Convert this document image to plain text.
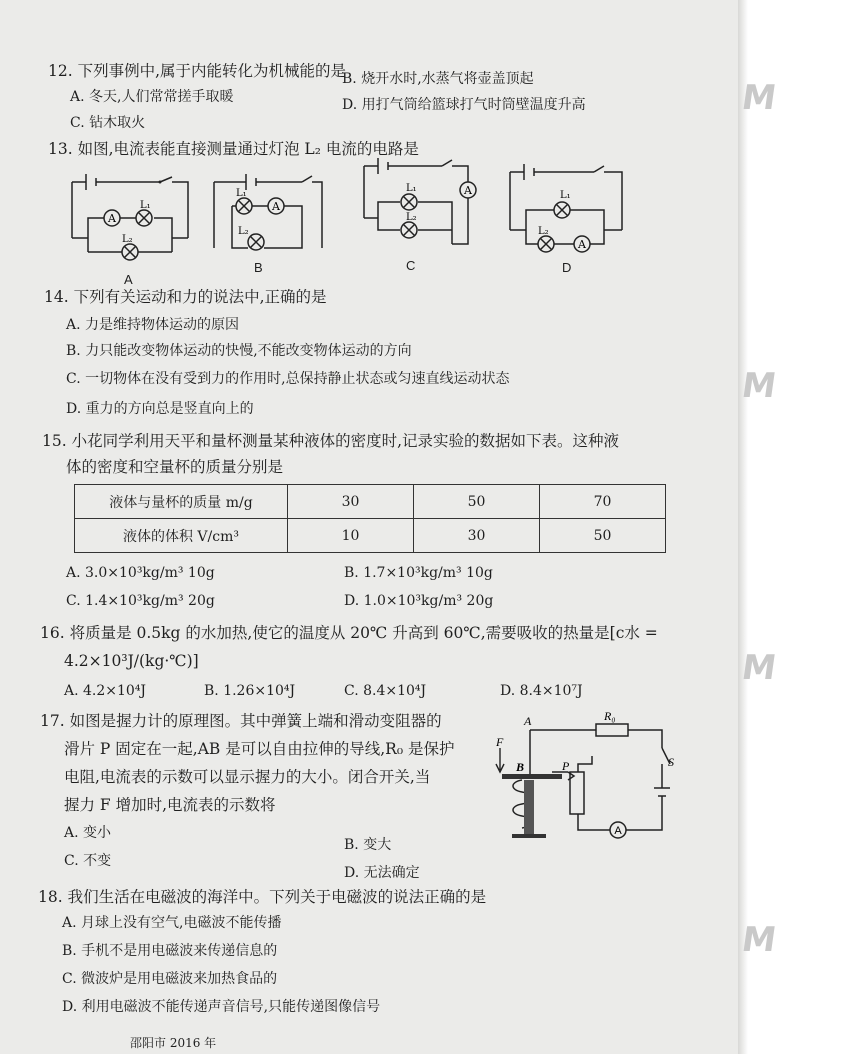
12. 下列事例中,属于内能转化为机械能的是
A. 冬天,人们常常搓手取暖
B. 烧开水时,水蒸气将壶盖顶起
C. 钻木取火
D. 用打气筒给篮球打气时筒壁温度升高
13. 如图,电流表能直接测量通过灯泡 L₂ 电流的电路是
A
L₁
L₂
A
A
L₁
L₂
B
A
L₁
L₂
C
A
L₁
L₂
D
14. 下列有关运动和力的说法中,正确的是
A. 力是维持物体运动的原因
B. 力只能改变物体运动的快慢,不能改变物体运动的方向
C. 一切物体在没有受到力的作用时,总保持静止状态或匀速直线运动状态
D. 重力的方向总是竖直向上的
15. 小花同学利用天平和量杯测量某种液体的密度时,记录实验的数据如下表。这种液
体的密度和空量杯的质量分别是
液体与量杯的质量 m/g	30	50	70
液体的体积 V/cm³	10	30	50
A. 3.0×10³kg/m³ 10g	B. 1.7×10³kg/m³ 10g
C. 1.4×10³kg/m³ 20g	D. 1.0×10³kg/m³ 20g
16. 将质量是 0.5kg 的水加热,使它的温度从 20℃ 升高到 60℃,需要吸收的热量是[c水 =
4.2×10³J/(kg·℃)]
A. 4.2×10⁴J	B. 1.26×10⁴J	C. 8.4×10⁴J	D. 8.4×10⁷J
17. 如图是握力计的原理图。其中弹簧上端和滑动变阻器的
滑片 P 固定在一起,AB 是可以自由拉伸的导线,R₀ 是保护
电阻,电流表的示数可以显示握力的大小。闭合开关,当
握力 F 增加时,电流表的示数将
A. 变小
B. 变大
C. 不变
D. 无法确定
A
A
B	P
F
S
R₀
18. 我们生活在电磁波的海洋中。下列关于电磁波的说法正确的是
A. 月球上没有空气,电磁波不能传播
B. 手机不是用电磁波来传递信息的
C. 微波炉是用电磁波来加热食品的
D. 利用电磁波不能传递声音信号,只能传递图像信号
邵阳市 2016 年
M
M
M
M
